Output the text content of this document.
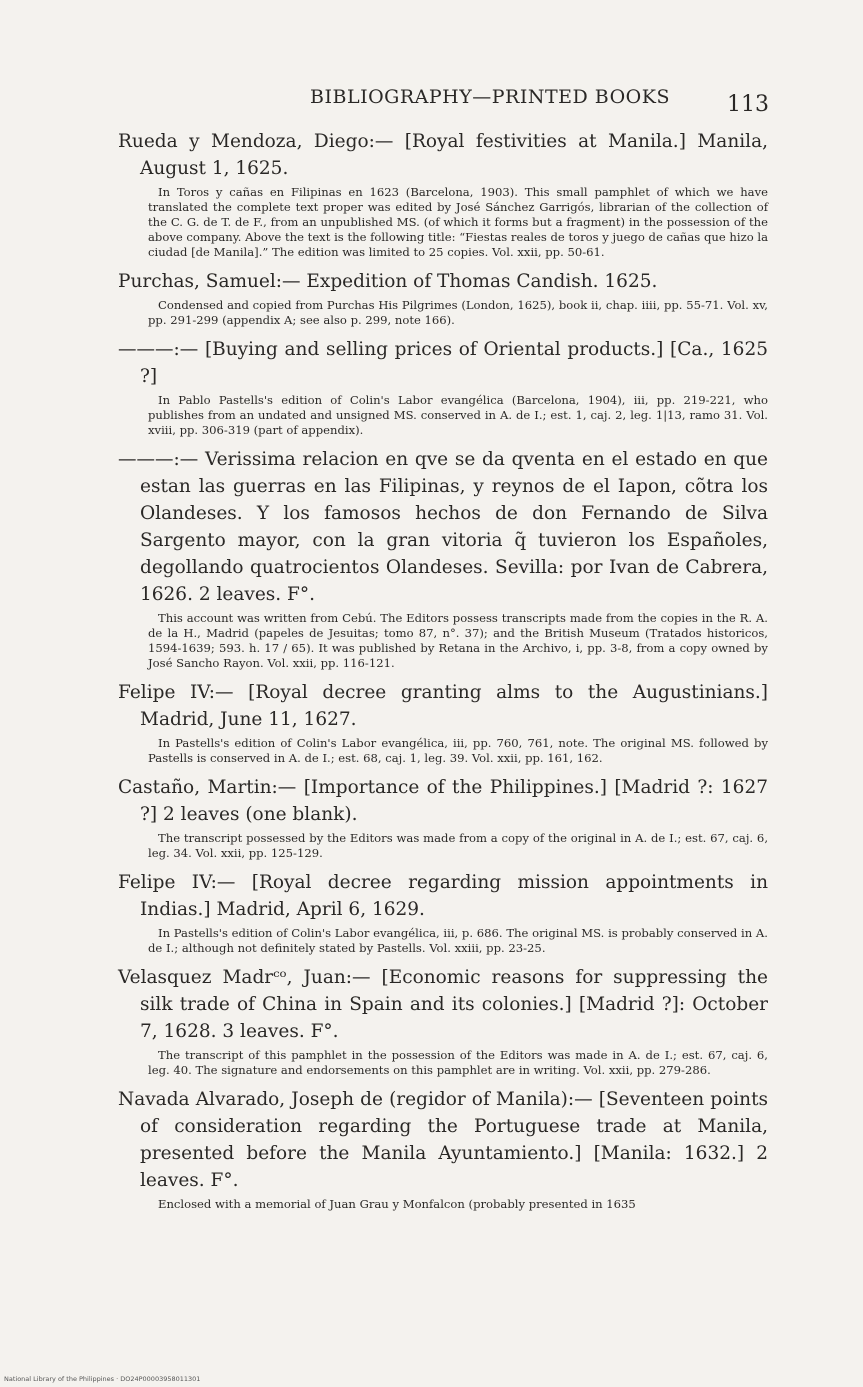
BIBLIOGRAPHY—PRINTED BOOKS	113
Rueda y Mendoza, Diego:— [Royal festivities at Manila.] Manila, August 1, 1625.
In Toros y cañas en Filipinas en 1623 (Barcelona, 1903). This small pamphlet of which we have translated the complete text proper was edited by José Sánchez Garrigós, librarian of the collection of the C. G. de T. de F., from an unpublished MS. (of which it forms but a fragment) in the possession of the above company. Above the text is the following title: “Fiestas reales de toros y juego de cañas que hizo la ciudad [de Manila].” The edition was limited to 25 copies. Vol. xxii, pp. 50-61.
Purchas, Samuel:— Expedition of Thomas Candish. 1625.
Condensed and copied from Purchas His Pilgrimes (London, 1625), book ii, chap. iiii, pp. 55-71. Vol. xv, pp. 291-299 (appendix A; see also p. 299, note 166).
———:— [Buying and selling prices of Oriental products.] [Ca., 1625 ?]
In Pablo Pastells's edition of Colin's Labor evangélica (Barcelona, 1904), iii, pp. 219-221, who publishes from an undated and unsigned MS. conserved in A. de I.; est. 1, caj. 2, leg. 1|13, ramo 31. Vol. xviii, pp. 306-319 (part of appendix).
———:— Verissima relacion en qve se da qventa en el estado en que estan las guerras en las Filipinas, y reynos de el Iapon, cõtra los Olandeses. Y los famosos hechos de don Fernando de Silva Sargento mayor, con la gran vitoria q̃ tuvieron los Españoles, degollando quatrocientos Olandeses. Sevilla: por Ivan de Cabrera, 1626. 2 leaves. F°.
This account was written from Cebú. The Editors possess transcripts made from the copies in the R. A. de la H., Madrid (papeles de Jesuitas; tomo 87, n°. 37); and the British Museum (Tratados historicos, 1594-1639; 593. h. 17 / 65). It was published by Retana in the Archivo, i, pp. 3-8, from a copy owned by José Sancho Rayon. Vol. xxii, pp. 116-121.
Felipe IV:— [Royal decree granting alms to the Augustinians.] Madrid, June 11, 1627.
In Pastells's edition of Colin's Labor evangélica, iii, pp. 760, 761, note. The original MS. followed by Pastells is conserved in A. de I.; est. 68, caj. 1, leg. 39. Vol. xxii, pp. 161, 162.
Castaño, Martin:— [Importance of the Philippines.] [Madrid ?: 1627 ?] 2 leaves (one blank).
The transcript possessed by the Editors was made from a copy of the original in A. de I.; est. 67, caj. 6, leg. 34. Vol. xxii, pp. 125-129.
Felipe IV:— [Royal decree regarding mission appointments in Indias.] Madrid, April 6, 1629.
In Pastells's edition of Colin's Labor evangélica, iii, p. 686. The original MS. is probably conserved in A. de I.; although not definitely stated by Pastells. Vol. xxiii, pp. 23-25.
Velasquez Madrᶜᵒ, Juan:— [Economic reasons for suppressing the silk trade of China in Spain and its colonies.] [Madrid ?]: October 7, 1628. 3 leaves. F°.
The transcript of this pamphlet in the possession of the Editors was made in A. de I.; est. 67, caj. 6, leg. 40. The signature and endorsements on this pamphlet are in writing. Vol. xxii, pp. 279-286.
Navada Alvarado, Joseph de (regidor of Manila):— [Seventeen points of consideration regarding the Portuguese trade at Manila, presented before the Manila Ayuntamiento.] [Manila: 1632.] 2 leaves. F°.
Enclosed with a memorial of Juan Grau y Monfalcon (probably presented in 1635
National Library of the Philippines · DO24P00003958011301
